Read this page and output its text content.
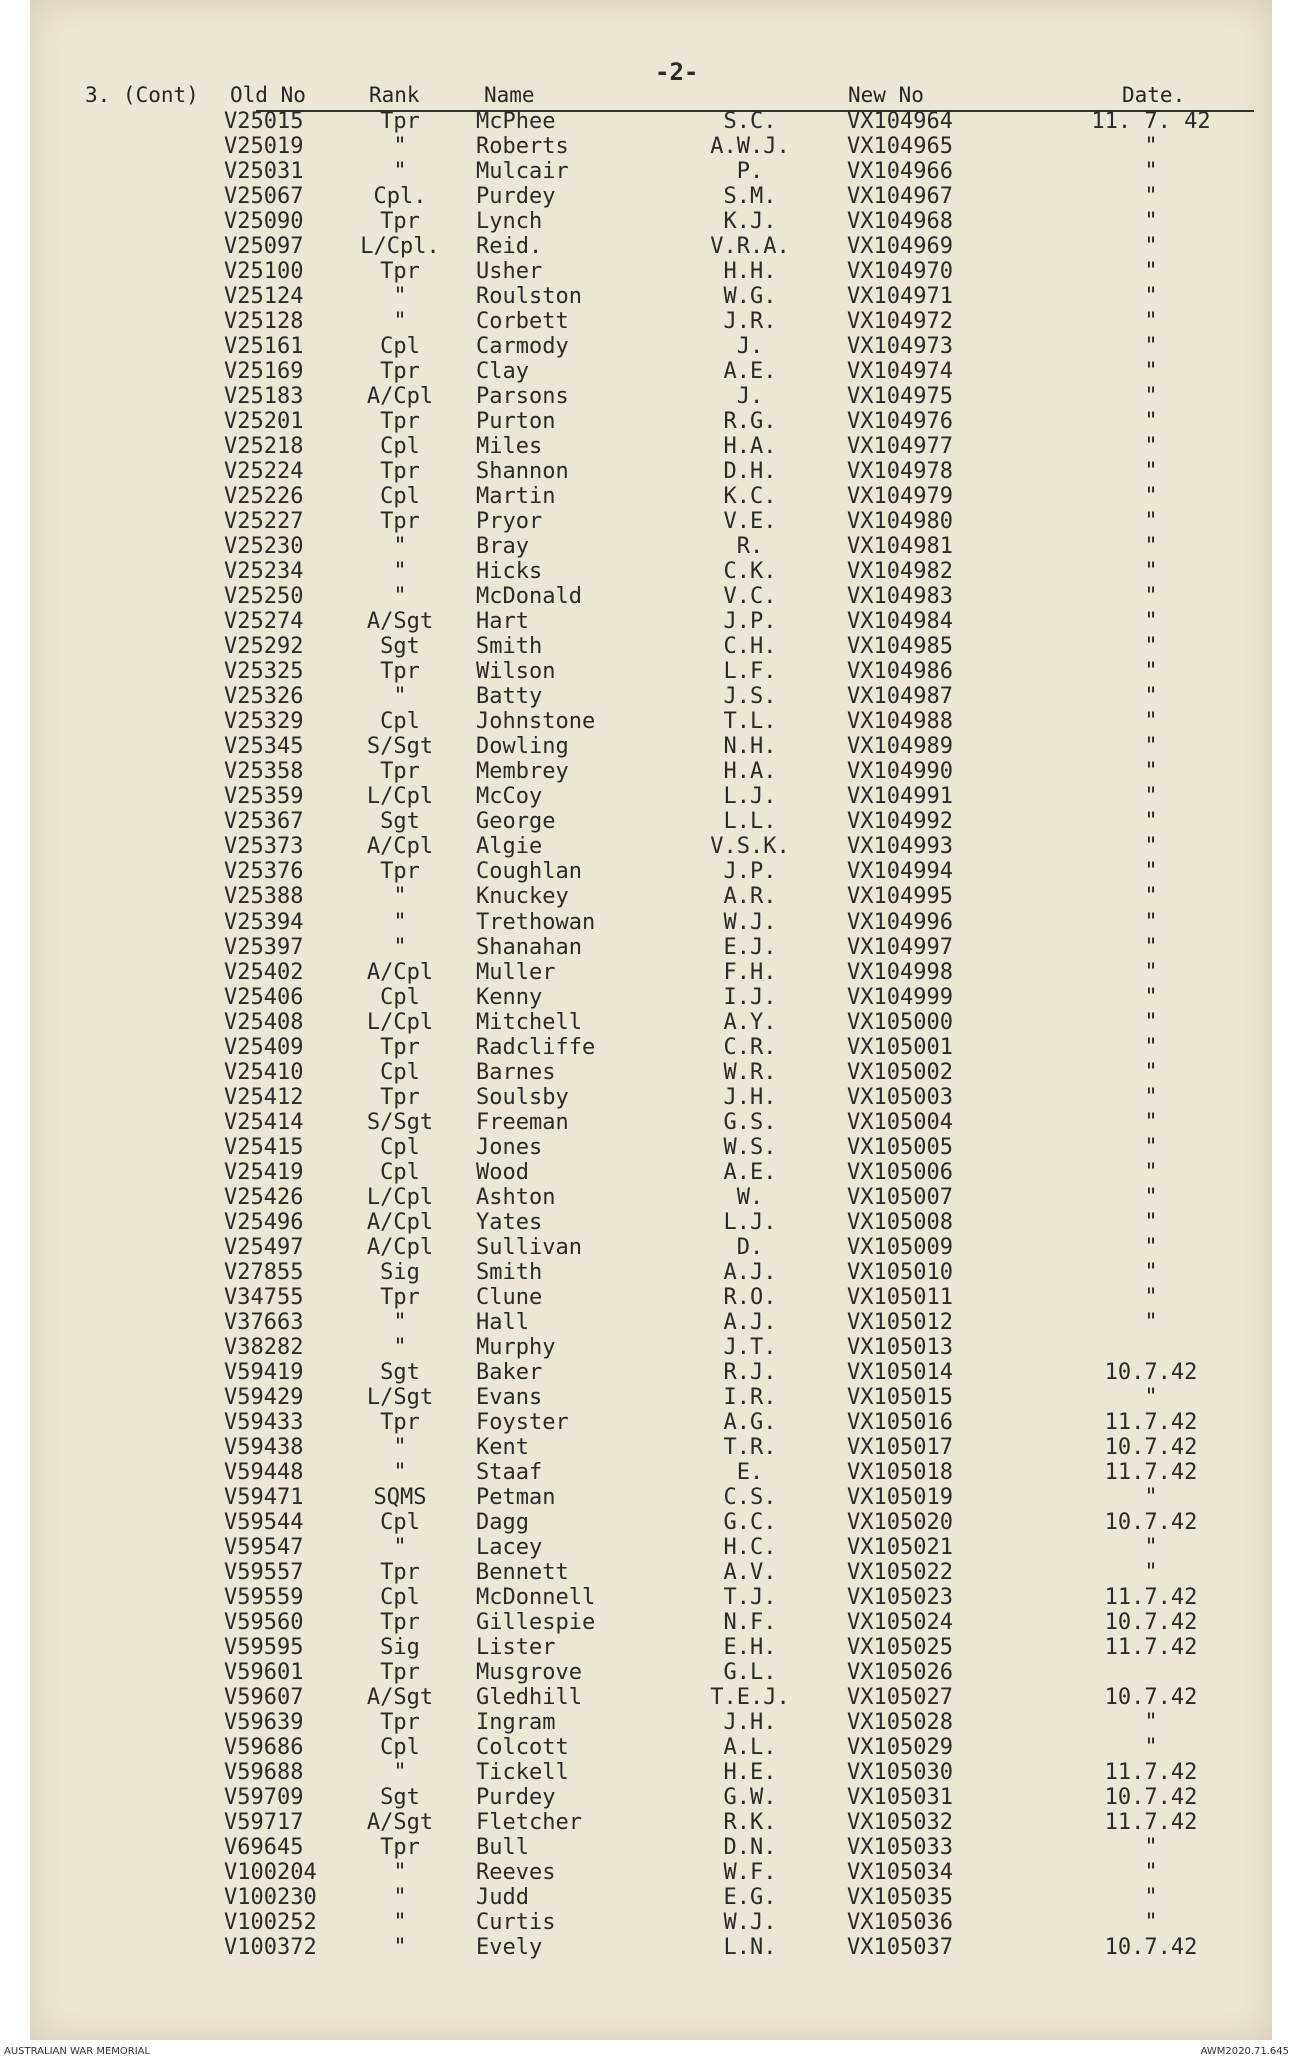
-2-
3. (Cont) Old No	Rank	Name	New No	Date.
V25015	Tpr	McPhee	S.C.	VX104964	11. 7. 42
V25019	"	Roberts	A.W.J.	VX104965	"
V25031	"	Mulcair	P.	VX104966	"
V25067	Cpl.	Purdey	S.M.	VX104967	"
V25090	Tpr	Lynch	K.J.	VX104968	"
V25097	L/Cpl.	Reid.	V.R.A.	VX104969	"
V25100	Tpr	Usher	H.H.	VX104970	"
V25124	"	Roulston	W.G.	VX104971	"
V25128	"	Corbett	J.R.	VX104972	"
V25161	Cpl	Carmody	J.	VX104973	"
V25169	Tpr	Clay	A.E.	VX104974	"
V25183	A/Cpl	Parsons	J.	VX104975	"
V25201	Tpr	Purton	R.G.	VX104976	"
V25218	Cpl	Miles	H.A.	VX104977	"
V25224	Tpr	Shannon	D.H.	VX104978	"
V25226	Cpl	Martin	K.C.	VX104979	"
V25227	Tpr	Pryor	V.E.	VX104980	"
V25230	"	Bray	R.	VX104981	"
V25234	"	Hicks	C.K.	VX104982	"
V25250	"	McDonald	V.C.	VX104983	"
V25274	A/Sgt	Hart	J.P.	VX104984	"
V25292	Sgt	Smith	C.H.	VX104985	"
V25325	Tpr	Wilson	L.F.	VX104986	"
V25326	"	Batty	J.S.	VX104987	"
V25329	Cpl	Johnstone	T.L.	VX104988	"
V25345	S/Sgt	Dowling	N.H.	VX104989	"
V25358	Tpr	Membrey	H.A.	VX104990	"
V25359	L/Cpl	McCoy	L.J.	VX104991	"
V25367	Sgt	George	L.L.	VX104992	"
V25373	A/Cpl	Algie	V.S.K.	VX104993	"
V25376	Tpr	Coughlan	J.P.	VX104994	"
V25388	"	Knuckey	A.R.	VX104995	"
V25394	"	Trethowan	W.J.	VX104996	"
V25397	"	Shanahan	E.J.	VX104997	"
V25402	A/Cpl	Muller	F.H.	VX104998	"
V25406	Cpl	Kenny	I.J.	VX104999	"
V25408	L/Cpl	Mitchell	A.Y.	VX105000	"
V25409	Tpr	Radcliffe	C.R.	VX105001	"
V25410	Cpl	Barnes	W.R.	VX105002	"
V25412	Tpr	Soulsby	J.H.	VX105003	"
V25414	S/Sgt	Freeman	G.S.	VX105004	"
V25415	Cpl	Jones	W.S.	VX105005	"
V25419	Cpl	Wood	A.E.	VX105006	"
V25426	L/Cpl	Ashton	W.	VX105007	"
V25496	A/Cpl	Yates	L.J.	VX105008	"
V25497	A/Cpl	Sullivan	D.	VX105009	"
V27855	Sig	Smith	A.J.	VX105010	"
V34755	Tpr	Clune	R.O.	VX105011	"
V37663	"	Hall	A.J.	VX105012	"
V38282	"	Murphy	J.T.	VX105013
V59419	Sgt	Baker	R.J.	VX105014	10.7.42
V59429	L/Sgt	Evans	I.R.	VX105015	"
V59433	Tpr	Foyster	A.G.	VX105016	11.7.42
V59438	"	Kent	T.R.	VX105017	10.7.42
V59448	"	Staaf	E.	VX105018	11.7.42
V59471	SQMS	Petman	C.S.	VX105019	"
V59544	Cpl	Dagg	G.C.	VX105020	10.7.42
V59547	"	Lacey	H.C.	VX105021	"
V59557	Tpr	Bennett	A.V.	VX105022	"
V59559	Cpl	McDonnell	T.J.	VX105023	11.7.42
V59560	Tpr	Gillespie	N.F.	VX105024	10.7.42
V59595	Sig	Lister	E.H.	VX105025	11.7.42
V59601	Tpr	Musgrove	G.L.	VX105026
V59607	A/Sgt	Gledhill	T.E.J.	VX105027	10.7.42
V59639	Tpr	Ingram	J.H.	VX105028	"
V59686	Cpl	Colcott	A.L.	VX105029	"
V59688	"	Tickell	H.E.	VX105030	11.7.42
V59709	Sgt	Purdey	G.W.	VX105031	10.7.42
V59717	A/Sgt	Fletcher	R.K.	VX105032	11.7.42
V69645	Tpr	Bull	D.N.	VX105033	"
V100204	"	Reeves	W.F.	VX105034	"
V100230	"	Judd	E.G.	VX105035	"
V100252	"	Curtis	W.J.	VX105036	"
V100372	"	Evely	L.N.	VX105037	10.7.42
AUSTRALIAN WAR MEMORIAL	AWM2020.71.645
